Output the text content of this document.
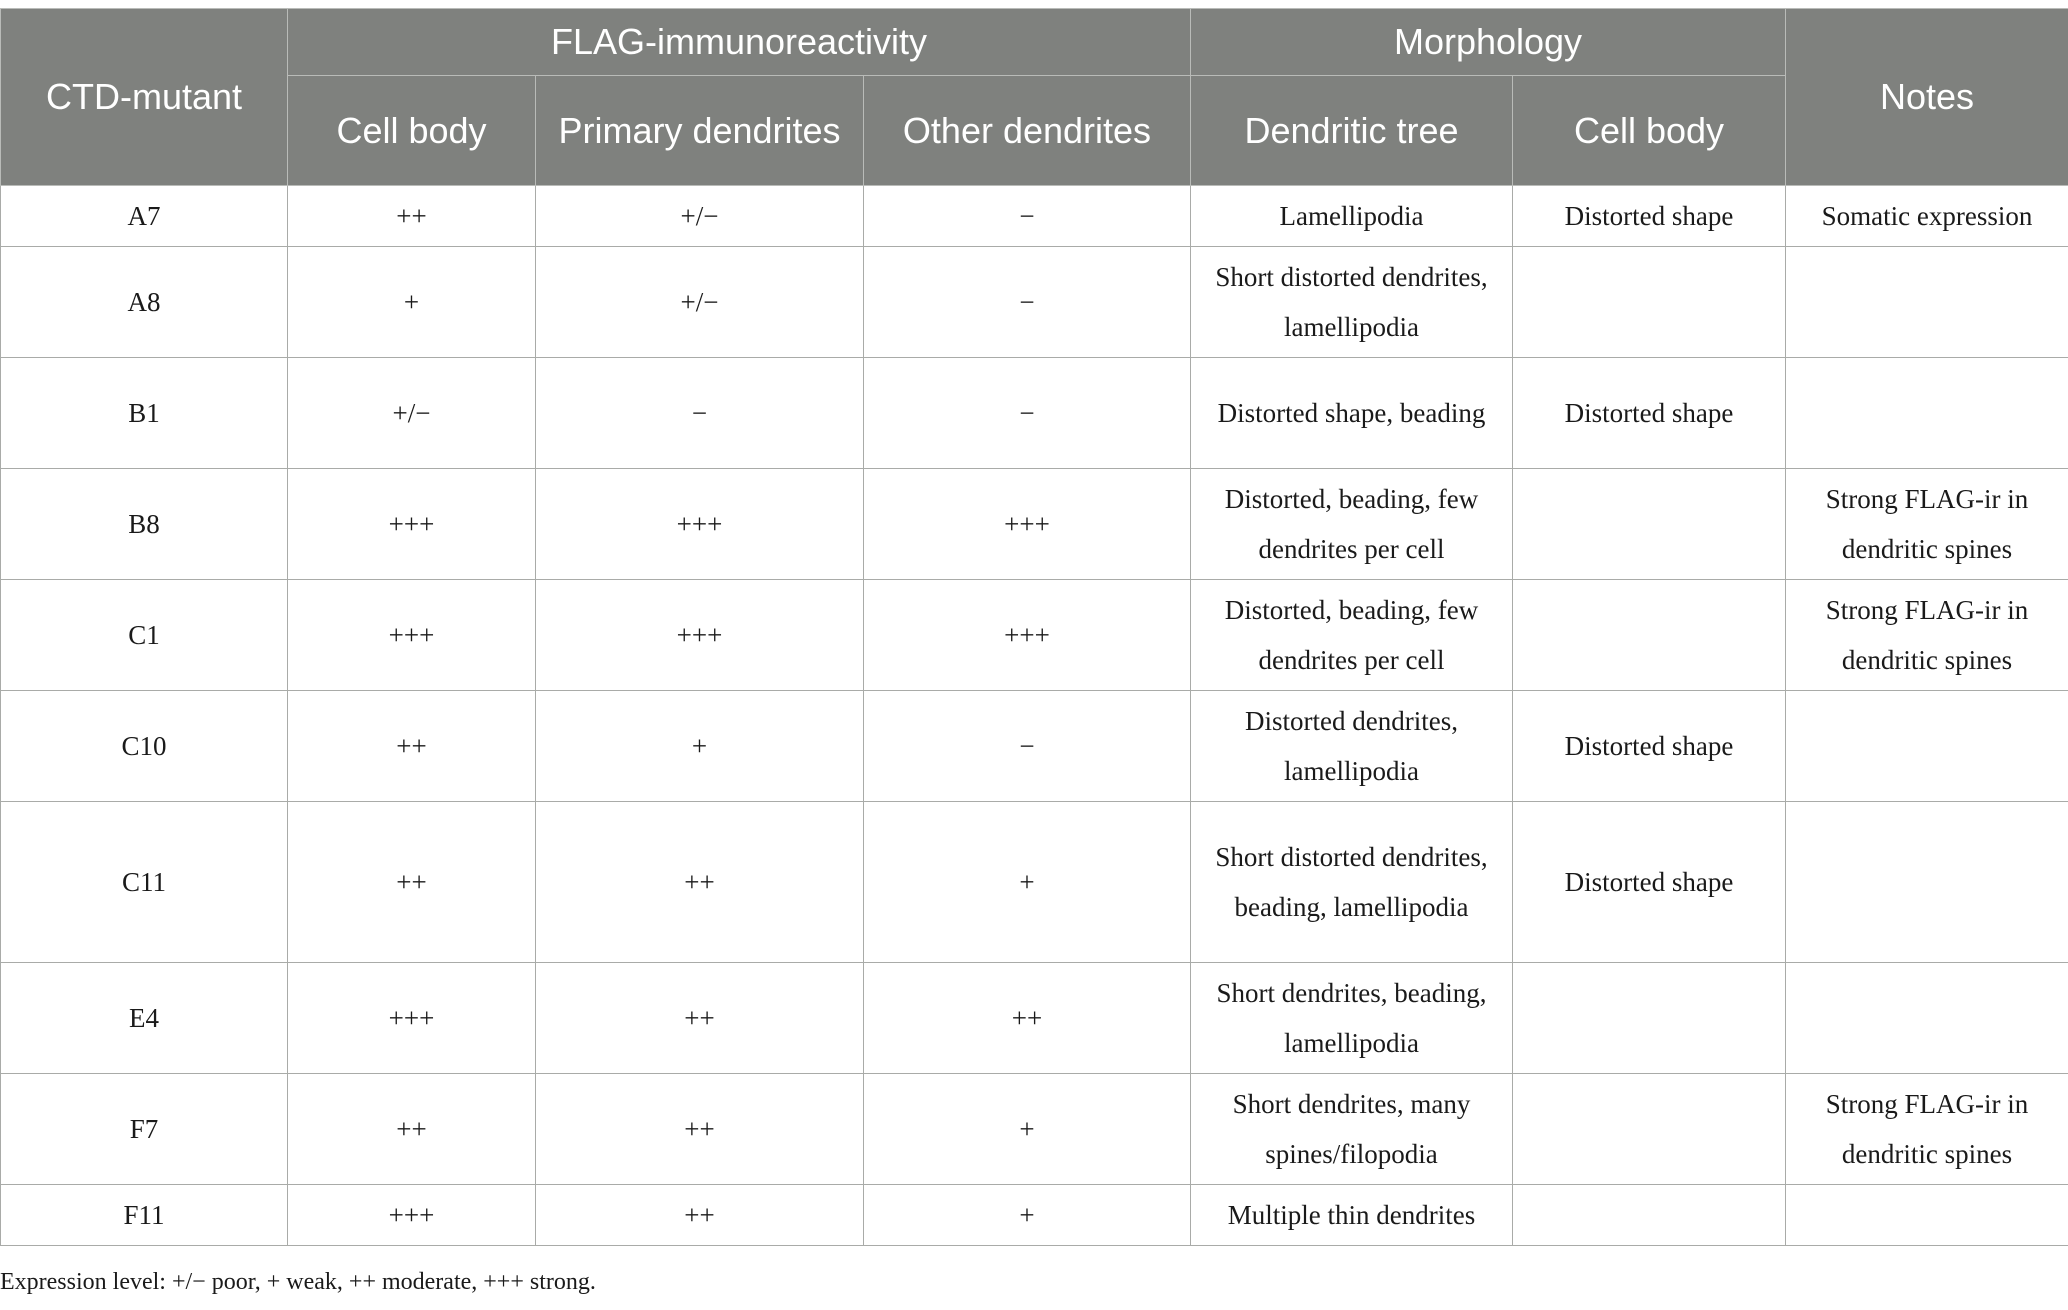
CTD-mutant	FLAG-immunoreactivity			Morphology		Notes
	Cell body	Primary dendrites	Other dendrites	Dendritic tree	Cell body	
A7	++	+/−	−	Lamellipodia	Distorted shape	Somatic expression
A8	+	+/−	−	Short distorted dendrites, lamellipodia		
B1	+/−	−	−	Distorted shape, beading	Distorted shape	
B8	+++	+++	+++	Distorted, beading, few dendrites per cell		Strong FLAG-ir in dendritic spines
C1	+++	+++	+++	Distorted, beading, few dendrites per cell		Strong FLAG-ir in dendritic spines
C10	++	+	−	Distorted dendrites, lamellipodia	Distorted shape	
C11	++	++	+	Short distorted dendrites, beading, lamellipodia	Distorted shape	
E4	+++	++	++	Short dendrites, beading, lamellipodia		
F7	++	++	+	Short dendrites, many spines/filopodia		Strong FLAG-ir in dendritic spines
F11	+++	++	+	Multiple thin dendrites		
Expression level: +/− poor, + weak, ++ moderate, +++ strong.
